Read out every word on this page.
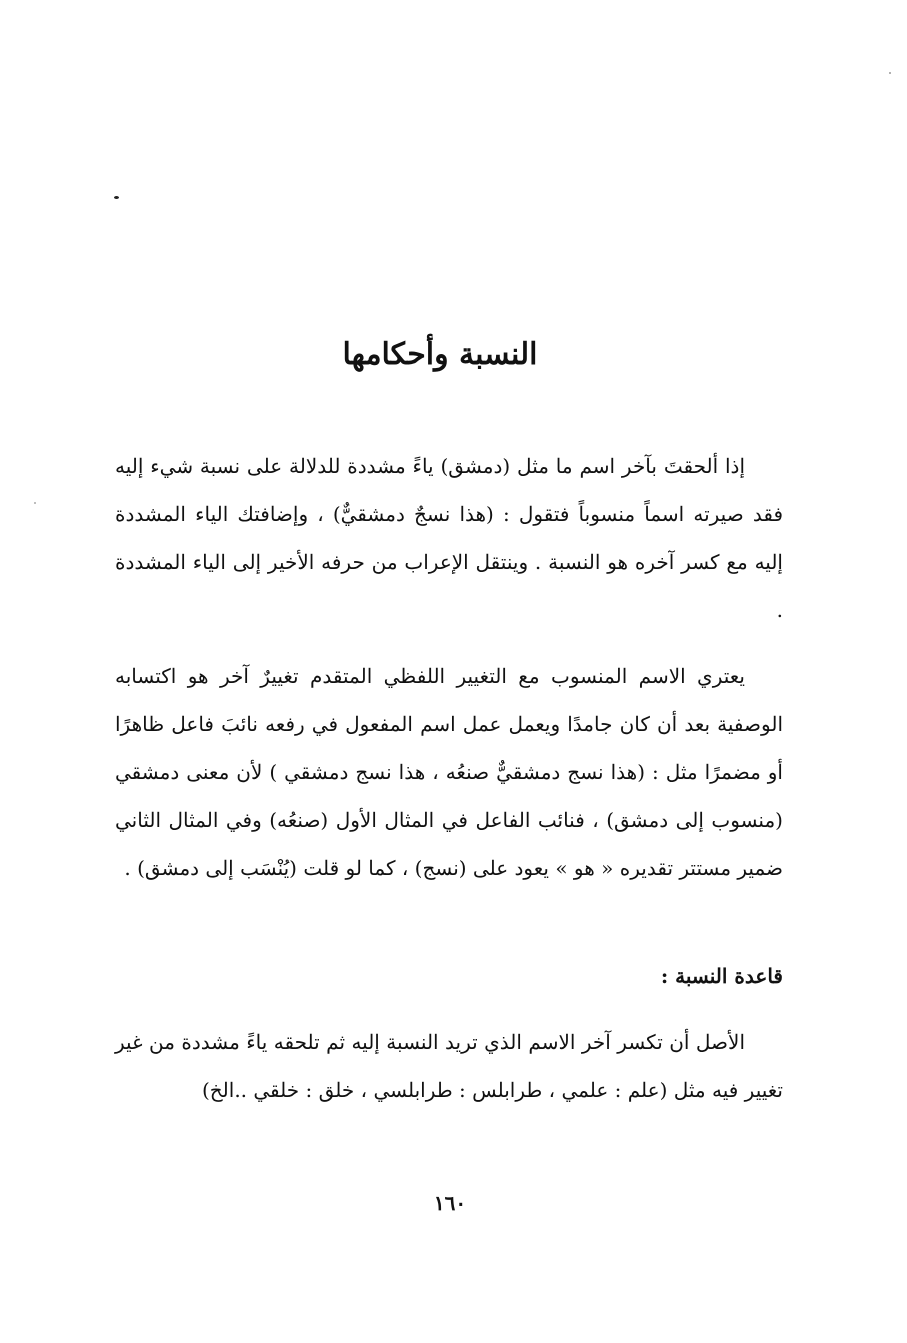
النسبة وأحكامها

إذا ألحقتَ بآخر اسم ما مثل (دمشق) ياءً مشددة للدلالة على نسبة شيء إليه فقد صيرته اسماً منسوباً فتقول : (هذا نسجٌ دمشقيٌّ) ، وإضافتك الياء المشددة إليه مع كسر آخره هو النسبة . وينتقل الإعراب من حرفه الأخير إلى الياء المشددة .

يعتري الاسم المنسوب مع التغيير اللفظي المتقدم تغييرٌ آخر هو اكتسابه الوصفية بعد أن كان جامدًا ويعمل عمل اسم المفعول في رفعه نائبَ فاعل ظاهرًا أو مضمرًا مثل : (هذا نسج دمشقيٌّ صنعُه ، هذا نسج دمشقي ) لأن معنى دمشقي (منسوب إلى دمشق) ، فنائب الفاعل في المثال الأول (صنعُه) وفي المثال الثاني ضمير مستتر تقديره « هو » يعود على (نسج) ، كما لو قلت (يُنْسَب إلى دمشق) .

قاعدة النسبة :

الأصل أن تكسر آخر الاسم الذي تريد النسبة إليه ثم تلحقه ياءً مشددة من غير تغيير فيه مثل (علم : علمي ، طرابلس : طرابلسي ، خلق : خلقي ..الخ)

١٦٠
